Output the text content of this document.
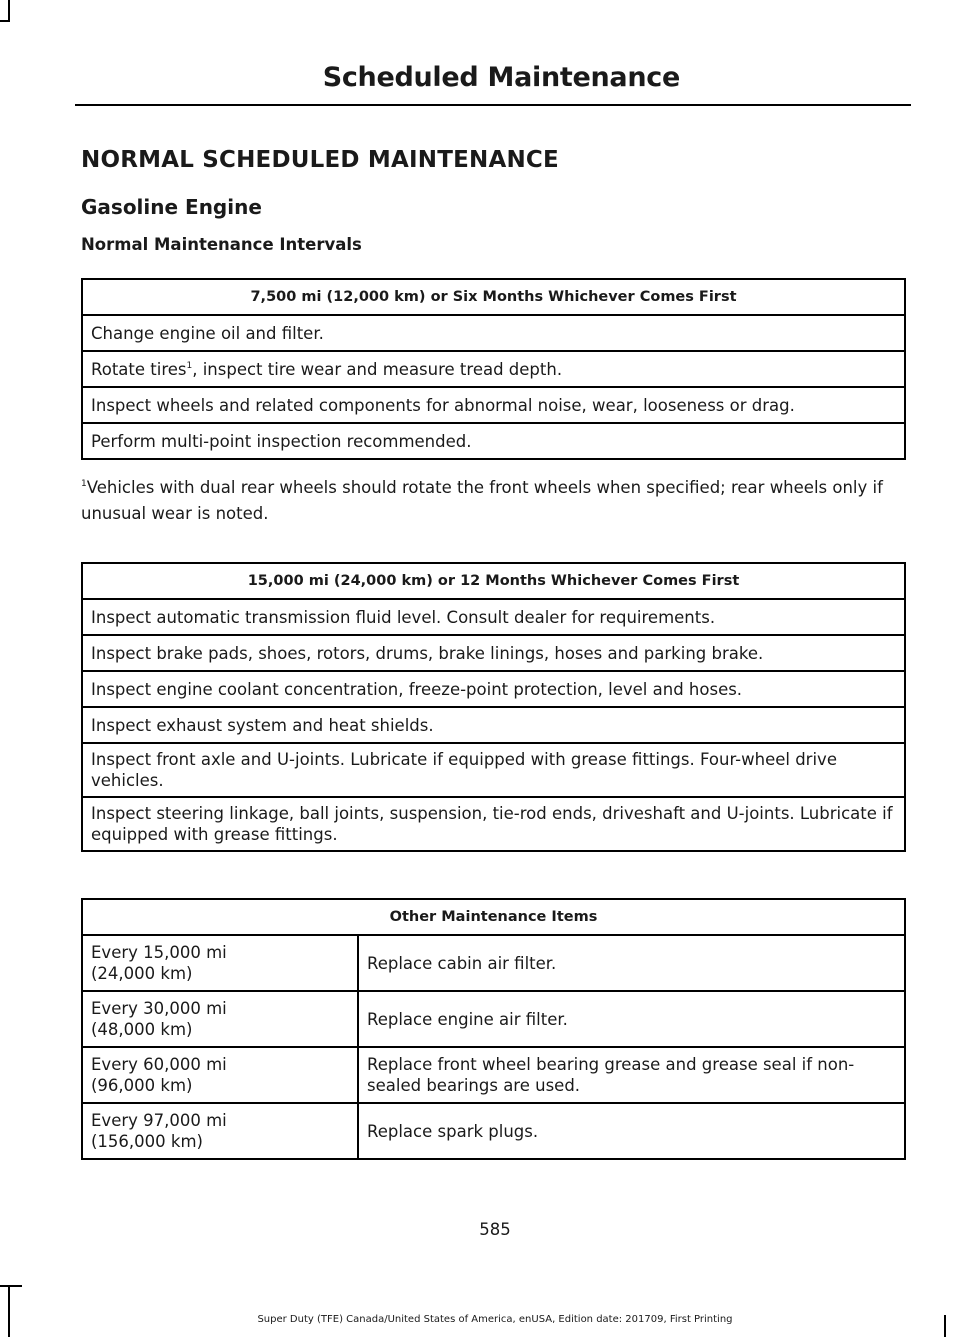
Scheduled Maintenance
NORMAL SCHEDULED MAINTENANCE
Gasoline Engine
Normal Maintenance Intervals
7,500 mi (12,000 km) or Six Months Whichever Comes First
Change engine oil and filter.
Rotate tires$^1$, inspect tire wear and measure tread depth.
Inspect wheels and related components for abnormal noise, wear, looseness or drag.
Perform multi-point inspection recommended.
$^1$Vehicles with dual rear wheels should rotate the front wheels when specified; rear wheels only if unusual wear is noted.
15,000 mi (24,000 km) or 12 Months Whichever Comes First
Inspect automatic transmission fluid level. Consult dealer for requirements.
Inspect brake pads, shoes, rotors, drums, brake linings, hoses and parking brake.
Inspect engine coolant concentration, freeze-point protection, level and hoses.
Inspect exhaust system and heat shields.
Inspect front axle and U-joints. Lubricate if equipped with grease fittings. Four-wheel drive vehicles.
Inspect steering linkage, ball joints, suspension, tie-rod ends, driveshaft and U-joints. Lubricate if equipped with grease fittings.
Other Maintenance Items	
Every 15,000 mi
(24,000 km)	Replace cabin air filter.
Every 30,000 mi
(48,000 km)	Replace engine air filter.
Every 60,000 mi
(96,000 km)	Replace front wheel bearing grease and grease seal if non-sealed bearings are used.
Every 97,000 mi
(156,000 km)	Replace spark plugs.
585
Super Duty (TFE) Canada/United States of America, enUSA, Edition date: 201709, First Printing
